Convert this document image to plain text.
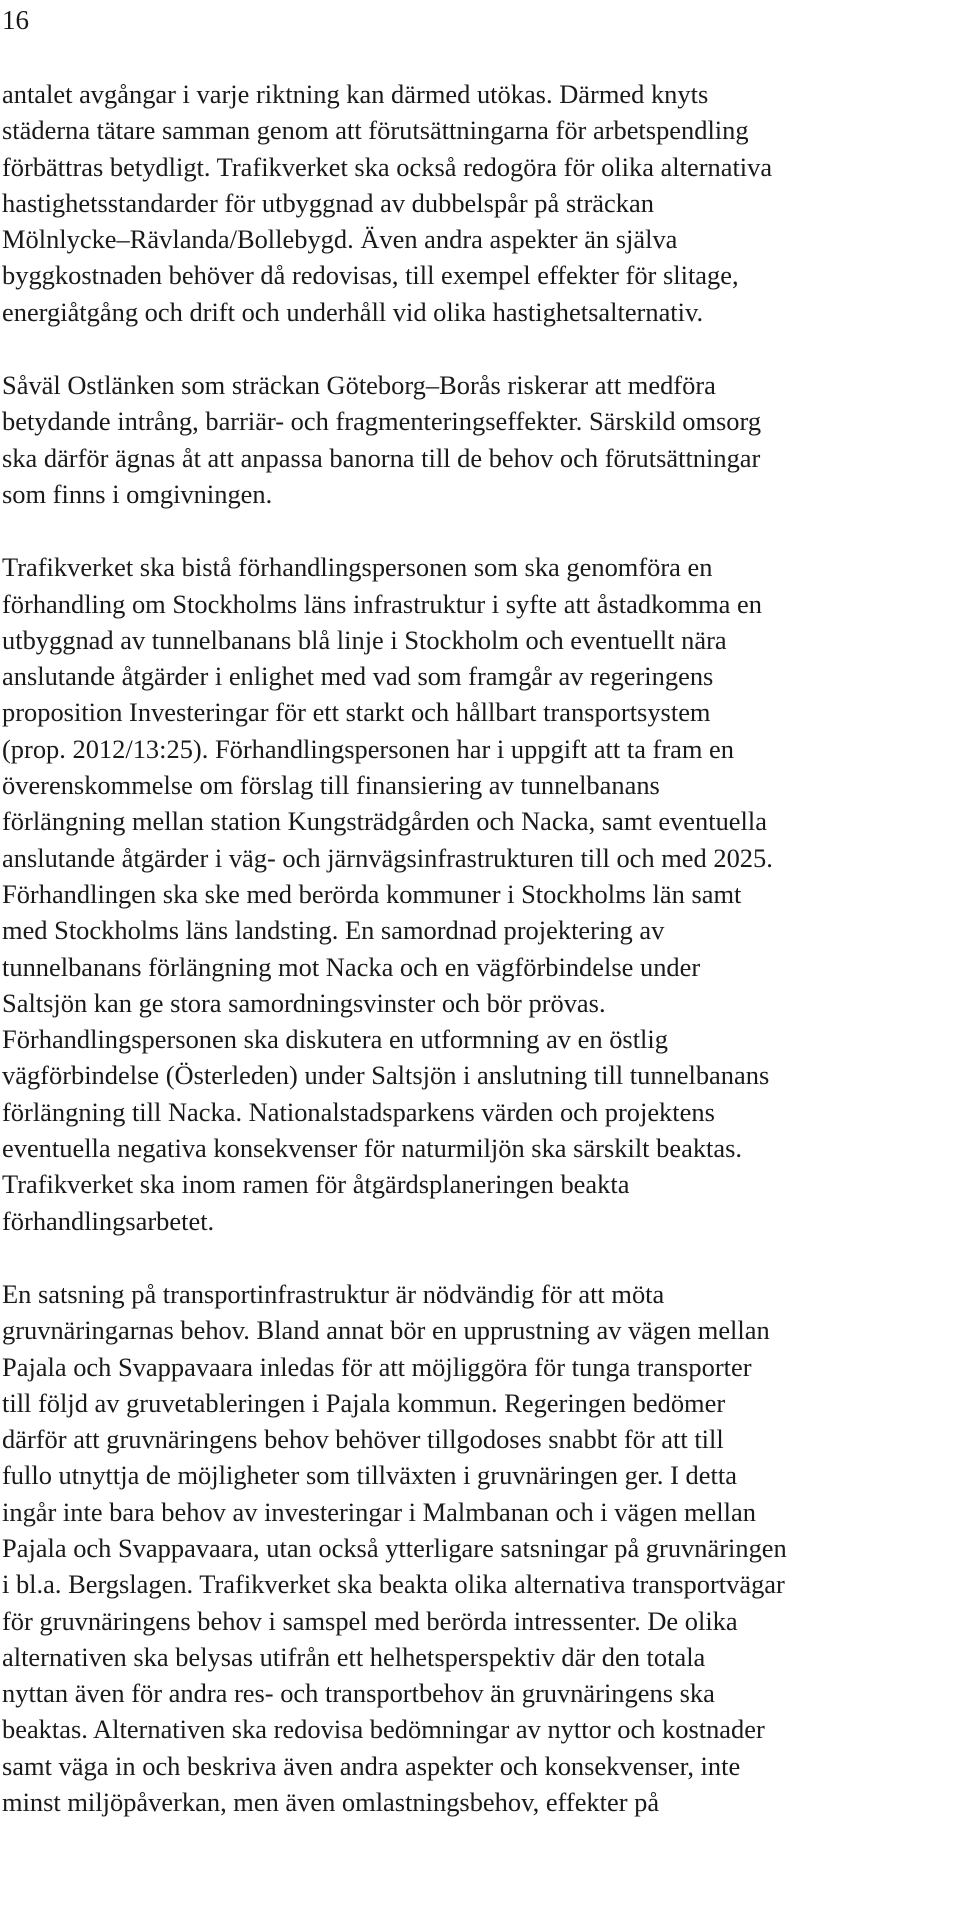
16
antalet avgångar i varje riktning kan därmed utökas. Därmed knyts
städerna tätare samman genom att förutsättningarna för arbetspendling
förbättras betydligt. Trafikverket ska också redogöra för olika alternativa
hastighetsstandarder för utbyggnad av dubbelspår på sträckan
Mölnlycke–Rävlanda/Bollebygd. Även andra aspekter än själva
byggkostnaden behöver då redovisas, till exempel effekter för slitage,
energiåtgång och drift och underhåll vid olika hastighetsalternativ.
Såväl Ostlänken som sträckan Göteborg–Borås riskerar att medföra
betydande intrång, barriär- och fragmenteringseffekter. Särskild omsorg
ska därför ägnas åt att anpassa banorna till de behov och förutsättningar
som finns i omgivningen.
Trafikverket ska bistå förhandlingspersonen som ska genomföra en
förhandling om Stockholms läns infrastruktur i syfte att åstadkomma en
utbyggnad av tunnelbanans blå linje i Stockholm och eventuellt nära
anslutande åtgärder i enlighet med vad som framgår av regeringens
proposition Investeringar för ett starkt och hållbart transportsystem
(prop. 2012/13:25). Förhandlingspersonen har i uppgift att ta fram en
överenskommelse om förslag till finansiering av tunnelbanans
förlängning mellan station Kungsträdgården och Nacka, samt eventuella
anslutande åtgärder i väg- och järnvägsinfrastrukturen till och med 2025.
Förhandlingen ska ske med berörda kommuner i Stockholms län samt
med Stockholms läns landsting. En samordnad projektering av
tunnelbanans förlängning mot Nacka och en vägförbindelse under
Saltsjön kan ge stora samordningsvinster och bör prövas.
Förhandlingspersonen ska diskutera en utformning av en östlig
vägförbindelse (Österleden) under Saltsjön i anslutning till tunnelbanans
förlängning till Nacka. Nationalstadsparkens värden och projektens
eventuella negativa konsekvenser för naturmiljön ska särskilt beaktas.
Trafikverket ska inom ramen för åtgärdsplaneringen beakta
förhandlingsarbetet.
En satsning på transportinfrastruktur är nödvändig för att möta
gruvnäringarnas behov. Bland annat bör en upprustning av vägen mellan
Pajala och Svappavaara inledas för att möjliggöra för tunga transporter
till följd av gruvetableringen i Pajala kommun. Regeringen bedömer
därför att gruvnäringens behov behöver tillgodoses snabbt för att till
fullo utnyttja de möjligheter som tillväxten i gruvnäringen ger. I detta
ingår inte bara behov av investeringar i Malmbanan och i vägen mellan
Pajala och Svappavaara, utan också ytterligare satsningar på gruvnäringen
i bl.a. Bergslagen. Trafikverket ska beakta olika alternativa transportvägar
för gruvnäringens behov i samspel med berörda intressenter. De olika
alternativen ska belysas utifrån ett helhetsperspektiv där den totala
nyttan även för andra res- och transportbehov än gruvnäringens ska
beaktas. Alternativen ska redovisa bedömningar av nyttor och kostnader
samt väga in och beskriva även andra aspekter och konsekvenser, inte
minst miljöpåverkan, men även omlastningsbehov, effekter på
